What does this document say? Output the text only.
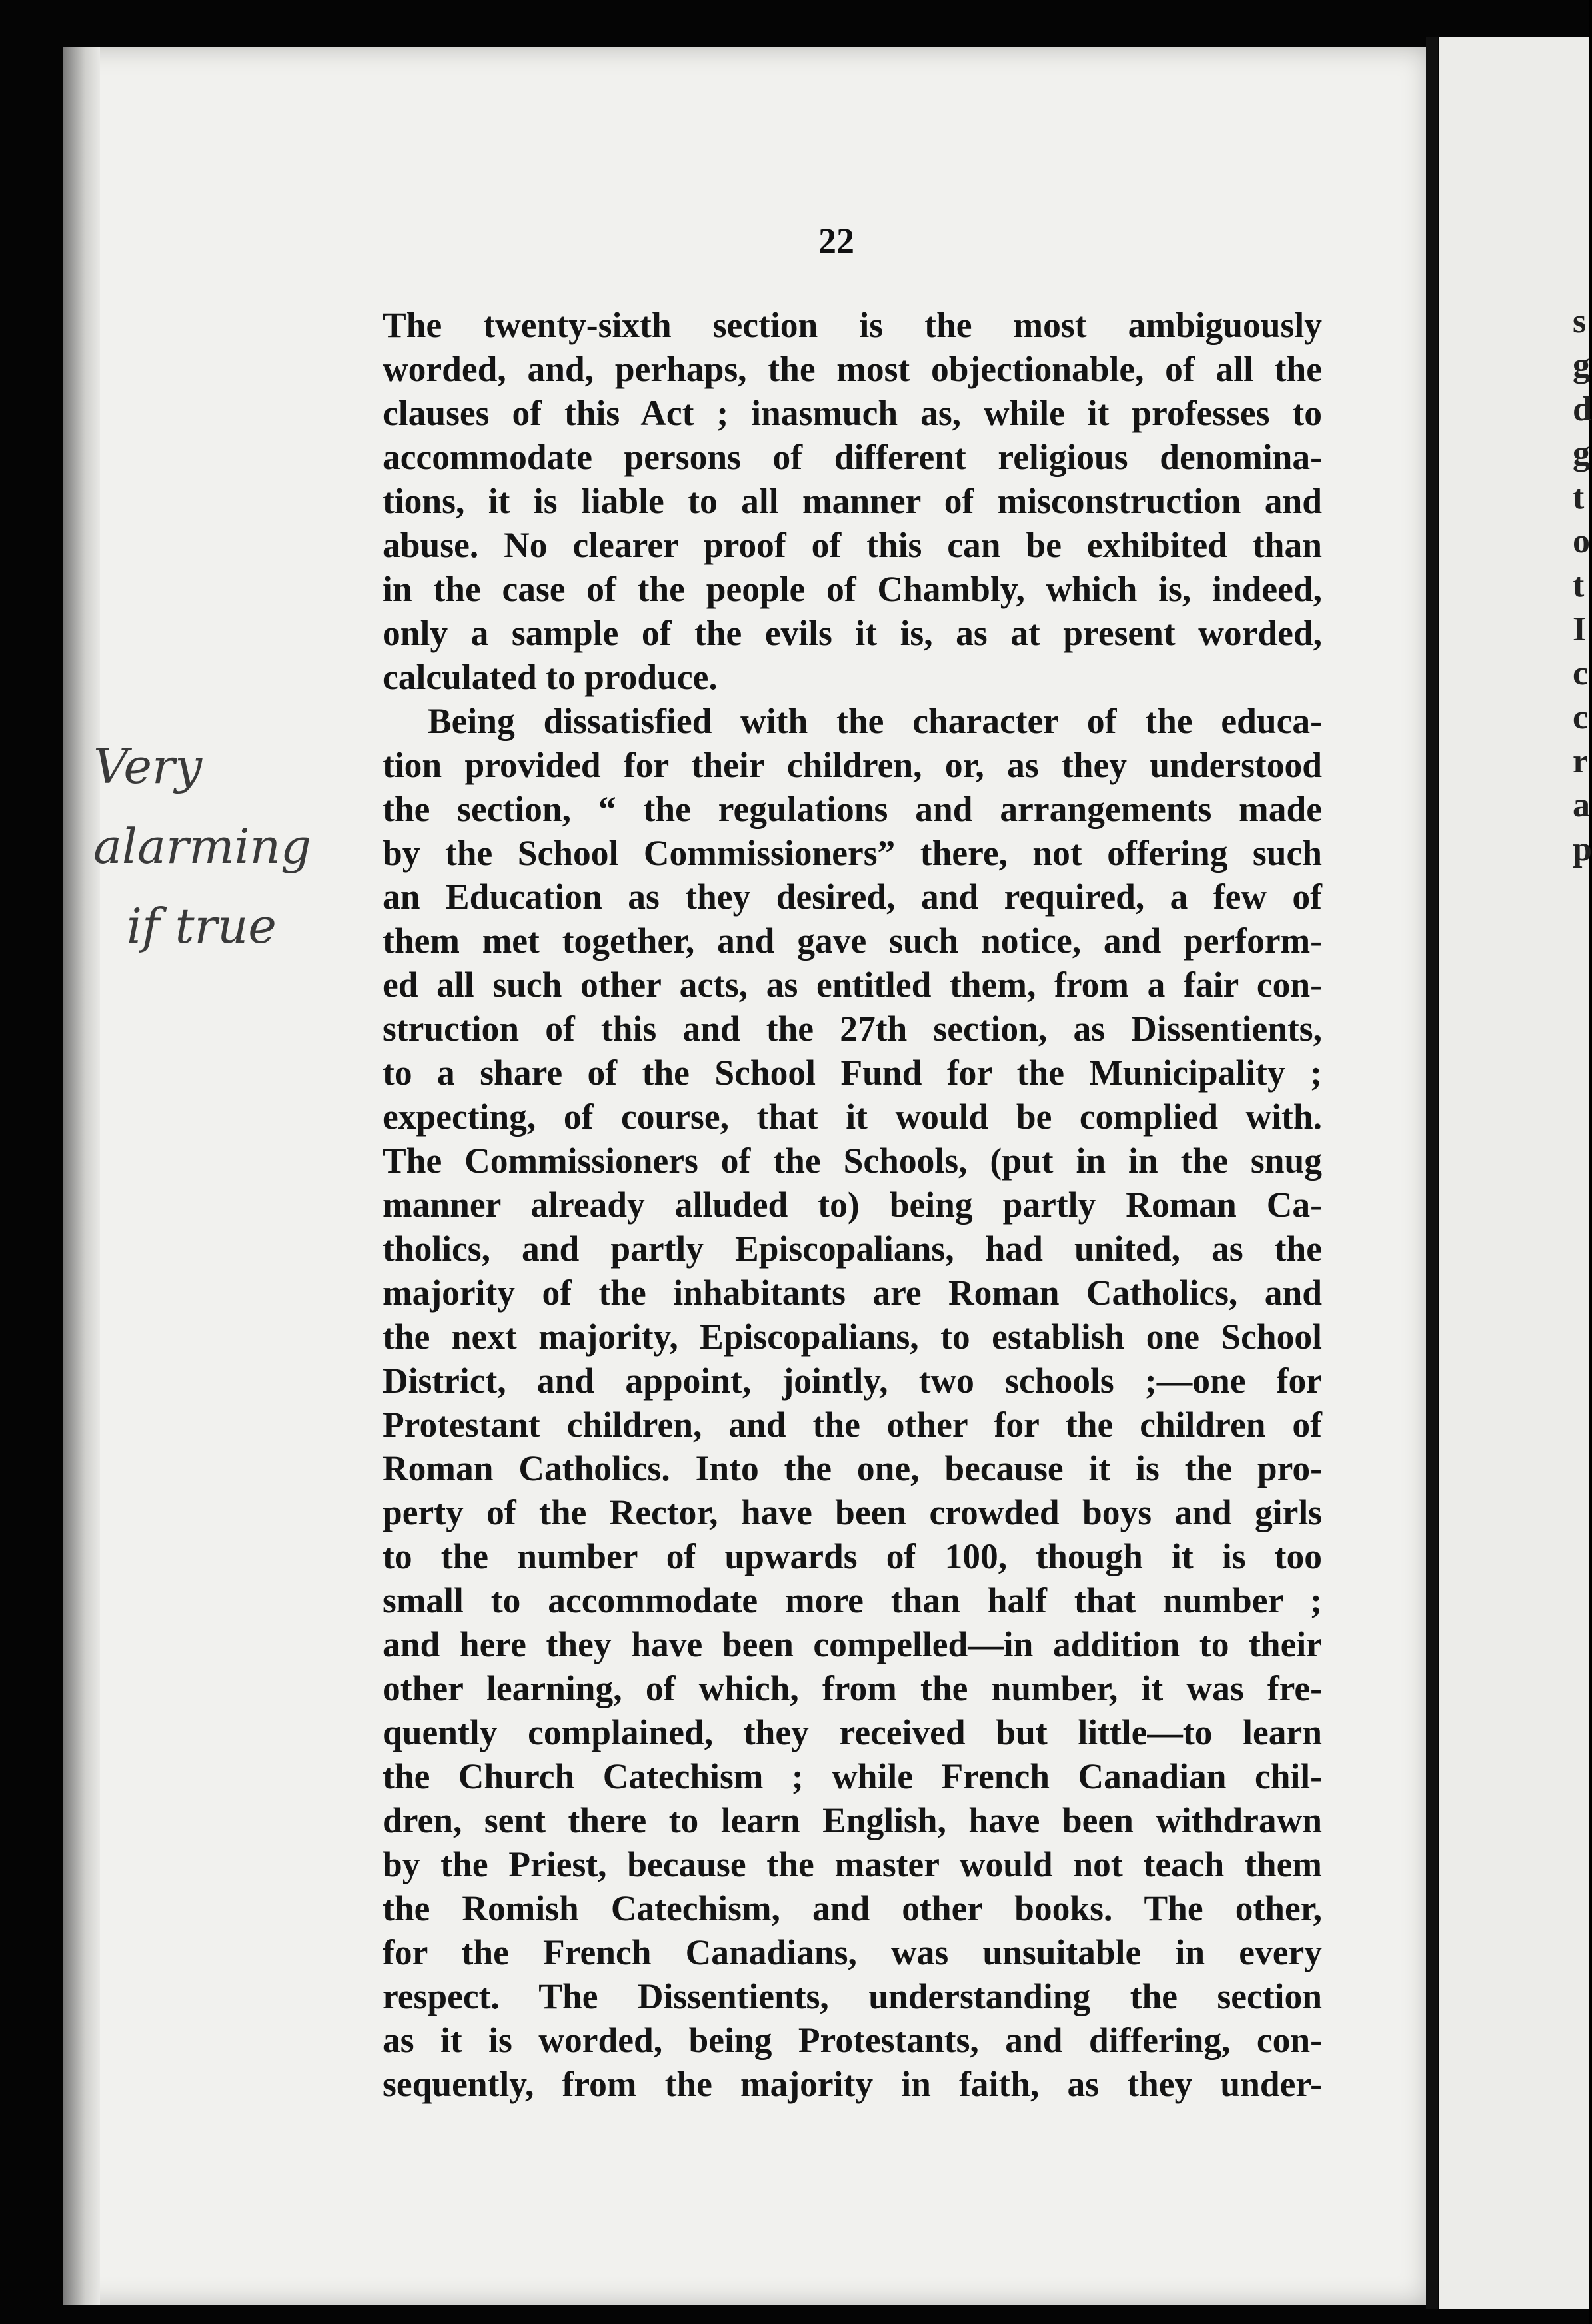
22
The twenty-sixth section is the most ambiguously
worded, and, perhaps, the most objectionable, of all the
clauses of this Act ; inasmuch as, while it professes to
accommodate persons of different religious denomina-
tions, it is liable to all manner of misconstruction and
abuse. No clearer proof of this can be exhibited than
in the case of the people of Chambly, which is, indeed,
only a sample of the evils it is, as at present worded,
calculated to produce.
Being dissatisfied with the character of the educa-
tion provided for their children, or, as they understood
the section, “ the regulations and arrangements made
by the School Commissioners” there, not offering such
an Education as they desired, and required, a few of
them met together, and gave such notice, and perform-
ed all such other acts, as entitled them, from a fair con-
struction of this and the 27th section, as Dissentients,
to a share of the School Fund for the Municipality ;
expecting, of course, that it would be complied with.
The Commissioners of the Schools, (put in in the snug
manner already alluded to) being partly Roman Ca-
tholics, and partly Episcopalians, had united, as the
majority of the inhabitants are Roman Catholics, and
the next majority, Episcopalians, to establish one School
District, and appoint, jointly, two schools ;—one for
Protestant children, and the other for the children of
Roman Catholics. Into the one, because it is the pro-
perty of the Rector, have been crowded boys and girls
to the number of upwards of 100, though it is too
small to accommodate more than half that number ;
and here they have been compelled—in addition to their
other learning, of which, from the number, it was fre-
quently complained, they received but little—to learn
the Church Catechism ; while French Canadian chil-
dren, sent there to learn English, have been withdrawn
by the Priest, because the master would not teach them
the Romish Catechism, and other books. The other,
for the French Canadians, was unsuitable in every
respect. The Dissentients, understanding the section
as it is worded, being Protestants, and differing, con-
sequently, from the majority in faith, as they under-
Very alarming
if true
s
g
d
g
t
o
t
I
c
c
r
a
p
